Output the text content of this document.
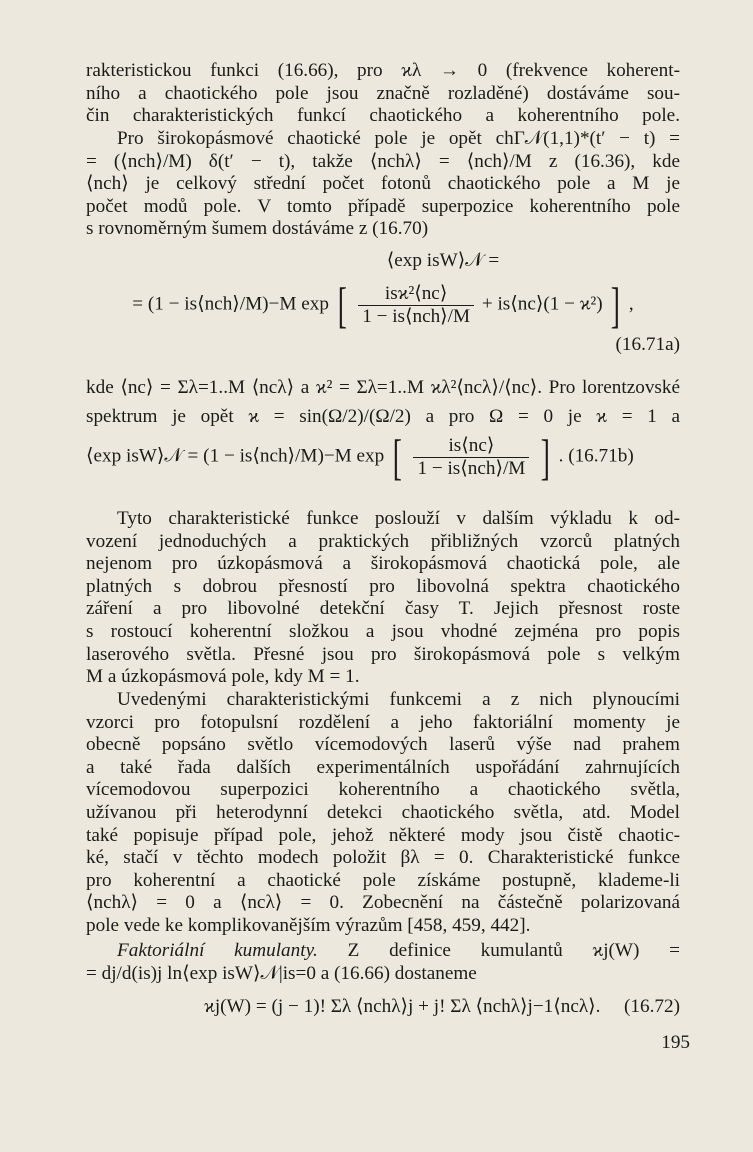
rakteristickou funkci (16.66), pro ϰλ → 0 (frekvence koherent-
ního a chaotického pole jsou značně rozladěné) dostáváme sou-
čin charakteristických funkcí chaotického a koherentního pole.
Pro širokopásmové chaotické pole je opět chΓ𝒩(1,1)*(t′ − t) =
= (⟨nch⟩/M) δ(t′ − t), takže ⟨nchλ⟩ = ⟨nch⟩/M z (16.36), kde
⟨nch⟩ je celkový střední počet fotonů chaotického pole a M je
počet modů pole. V tomto případě superpozice koherentního pole
s rovnoměrným šumem dostáváme z (16.70)
⟨exp isW⟩𝒩 =
= (1 − is⟨nch⟩/M)−M exp [ $\frac{\text{isϰ²⟨nc⟩}}{\text{1 − is⟨nch⟩/M}}$ + is⟨nc⟩(1 − ϰ²) ] ,
(16.71a)
kde ⟨nc⟩ = Σλ=1..M ⟨ncλ⟩ a ϰ² = Σλ=1..M ϰλ²⟨ncλ⟩/⟨nc⟩. Pro lorentzovské
spektrum je opět ϰ = sin(Ω/2)/(Ω/2) a pro Ω = 0 je ϰ = 1 a
⟨exp isW⟩𝒩 = (1 − is⟨nch⟩/M)−M exp [ $\frac{is⟨nc⟩}{\text{1 − is⟨nch⟩/M}}$ ] . (16.71b)
Tyto charakteristické funkce poslouží v dalším výkladu k od-
vození jednoduchých a praktických přibližných vzorců platných
nejenom pro úzkopásmová a širokopásmová chaotická pole, ale
platných s dobrou přesností pro libovolná spektra chaotického
záření a pro libovolné detekční časy T. Jejich přesnost roste
s rostoucí koherentní složkou a jsou vhodné zejména pro popis
laserového světla. Přesné jsou pro širokopásmová pole s velkým
M a úzkopásmová pole, kdy M = 1.
Uvedenými charakteristickými funkcemi a z nich plynoucími
vzorci pro fotopulsní rozdělení a jeho faktoriální momenty je
obecně popsáno světlo vícemodových laserů výše nad prahem
a také řada dalších experimentálních uspořádání zahrnujících
vícemodovou superpozici koherentního a chaotického světla,
užívanou při heterodynní detekci chaotického světla, atd. Model
také popisuje případ pole, jehož některé mody jsou čistě chaotic-
ké, stačí v těchto modech položit βλ = 0. Charakteristické funkce
pro koherentní a chaotické pole získáme postupně, klademe-li
⟨nchλ⟩ = 0 a ⟨ncλ⟩ = 0. Zobecnění na částečně polarizovaná
pole vede ke komplikovanějším výrazům [458, 459, 442].
Faktoriální kumulanty. Z definice kumulantů ϰj(W) =
= dj/d(is)j ln⟨exp isW⟩𝒩|is=0 a (16.66) dostaneme
ϰj(W) = (j − 1)! Σλ ⟨nchλ⟩j + j! Σλ ⟨nchλ⟩j−1⟨ncλ⟩. (16.72)
195
